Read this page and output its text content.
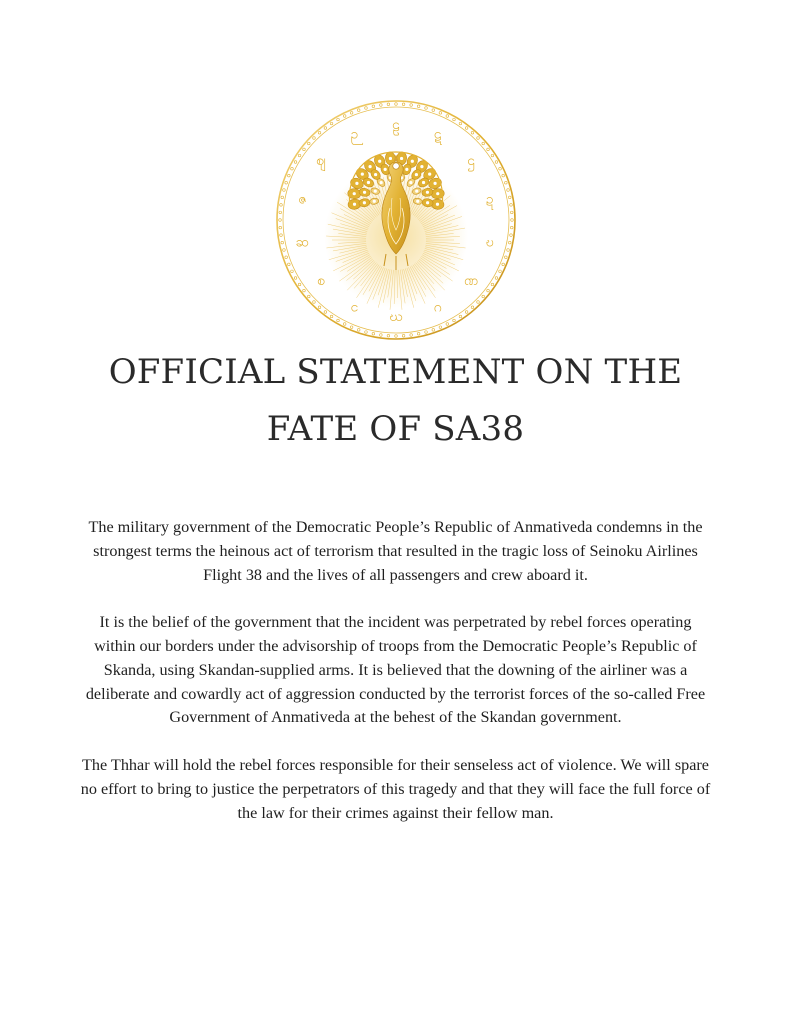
ဠ
ဋ
ဌ
ဍ
ဎ
ဏ
ဂ
ဃ
င
စ
ဆ
ဇ
ဈ
ဉ
OFFICIAL STATEMENT ON THE
FATE OF SA38

The military government of the Democratic People’s Republic of Anmativeda condemns in the strongest terms the heinous act of terrorism that resulted in the tragic loss of Seinoku Airlines Flight 38 and the lives of all passengers and crew aboard it.

It is the belief of the government that the incident was perpetrated by rebel forces operating within our borders under the advisorship of troops from the Democratic People’s Republic of Skanda, using Skandan-supplied arms. It is believed that the downing of the airliner was a deliberate and cowardly act of aggression conducted by the terrorist forces of the so-called Free Government of Anmativeda at the behest of the Skandan government.

The Thhar will hold the rebel forces responsible for their senseless act of violence. We will spare no effort to bring to justice the perpetrators of this tragedy and that they will face the full force of the law for their crimes against their fellow man.
